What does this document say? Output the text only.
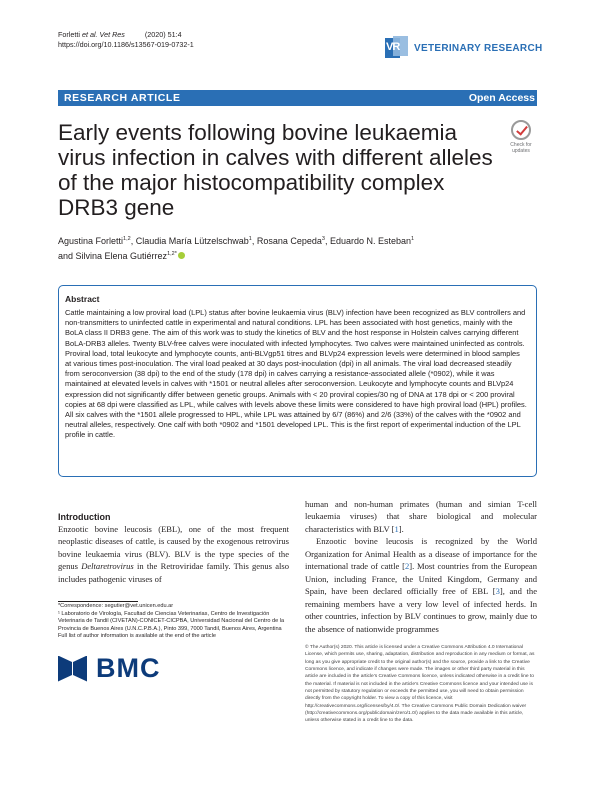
Forletti et al. Vet Res          (2020) 51:4
https://doi.org/10.1186/s13567-019-0732-1	VR VETERINARY RESEARCH
RESEARCH ARTICLE	Open Access
Early events following bovine leukaemia virus infection in calves with different alleles of the major histocompatibility complex DRB3 gene
Check for
updates
Agustina Forletti$^{1,2}$, Claudia María Lützelschwab$^1$, Rosana Cepeda$^3$, Eduardo N. Esteban$^1$
and Silvina Elena Gutiérrez$^{1,2*}$
Abstract

Cattle maintaining a low proviral load (LPL) status after bovine leukaemia virus (BLV) infection have been recognized as BLV controllers and non-transmitters to uninfected cattle in experimental and natural conditions. LPL has been associated with host genetics, mainly with the BoLA class II DRB3 gene. The aim of this work was to study the kinetics of BLV and the host response in Holstein calves carrying different BoLA-DRB3 alleles. Twenty BLV-free calves were inoculated with infected lymphocytes. Two calves were maintained uninfected as controls. Proviral load, total leukocyte and lymphocyte counts, anti-BLVgp51 titres and BLVp24 expression levels were determined in blood samples at various times post-inoculation. The viral load peaked at 30 days post-inoculation (dpi) in all animals. The viral load decreased steadily from seroconversion (38 dpi) to the end of the study (178 dpi) in calves carrying a resistance-associated allele (*0902), while it was maintained at elevated levels in calves with *1501 or neutral alleles after seroconversion. Leukocyte and lymphocyte counts and BLVp24 expression did not significantly differ between genetic groups. Animals with < 20 proviral copies/30 ng of DNA at 178 dpi or < 200 proviral copies at 68 dpi were classified as LPL, while calves with levels above these limits were considered to have high proviral load (HPL) profiles. All six calves with the *1501 allele progressed to HPL, while LPL was attained by 6/7 (86%) and 2/6 (33%) of the calves with the *0902 and neutral alleles, respectively. One calf with both *0902 and *1501 developed LPL. This is the first report of experimental induction of the LPL profile in cattle.

Introduction

Enzootic bovine leucosis (EBL), one of the most frequent neoplastic diseases of cattle, is caused by the exogenous retrovirus bovine leukaemia virus (BLV). BLV is the type species of the genus Deltaretrovirus in the Retroviridae family. This genus also includes pathogenic viruses of

human and non-human primates (human and simian T-cell leukaemia viruses) that share biological and molecular characteristics with BLV [1].
Enzootic bovine leucosis is recognized by the World Organization for Animal Health as a disease of importance for the international trade of cattle [2]. Most countries from the European Union, including France, the United Kingdom, Germany and Spain, have been declared officially free of EBL [3], and the remaining members have a very low level of infected herds. In other countries, infection by BLV continues to grow, mainly due to the absence of nationwide programmes

*Correspondence: segutier@vet.unicen.edu.ar
¹ Laboratorio de Virología, Facultad de Ciencias Veterinarias, Centro de Investigación Veterinaria de Tandil (CIVETAN)-CONICET-CICPBA, Universidad Nacional del Centro de la Provincia de Buenos Aires (U.N.C.P.B.A.), Pinto 399, 7000 Tandil, Buenos Aires, Argentina
Full list of author information is available at the end of the article
BMC

© The Author(s) 2020. This article is licensed under a Creative Commons Attribution 4.0 International License, which permits use, sharing, adaptation, distribution and reproduction in any medium or format, as long as you give appropriate credit to the original author(s) and the source, provide a link to the Creative Commons licence, and indicate if changes were made. The images or other third party material in this article are included in the article's Creative Commons licence, unless indicated otherwise in a credit line to the material. If material is not included in the article's Creative Commons licence and your intended use is not permitted by statutory regulation or exceeds the permitted use, you will need to obtain permission directly from the copyright holder. To view a copy of this licence, visit http://creativecommons.org/licenses/by/4.0/. The Creative Commons Public Domain Dedication waiver (http://creativecommons.org/publicdomain/zero/1.0/) applies to the data made available in this article, unless otherwise stated in a credit line to the data.
